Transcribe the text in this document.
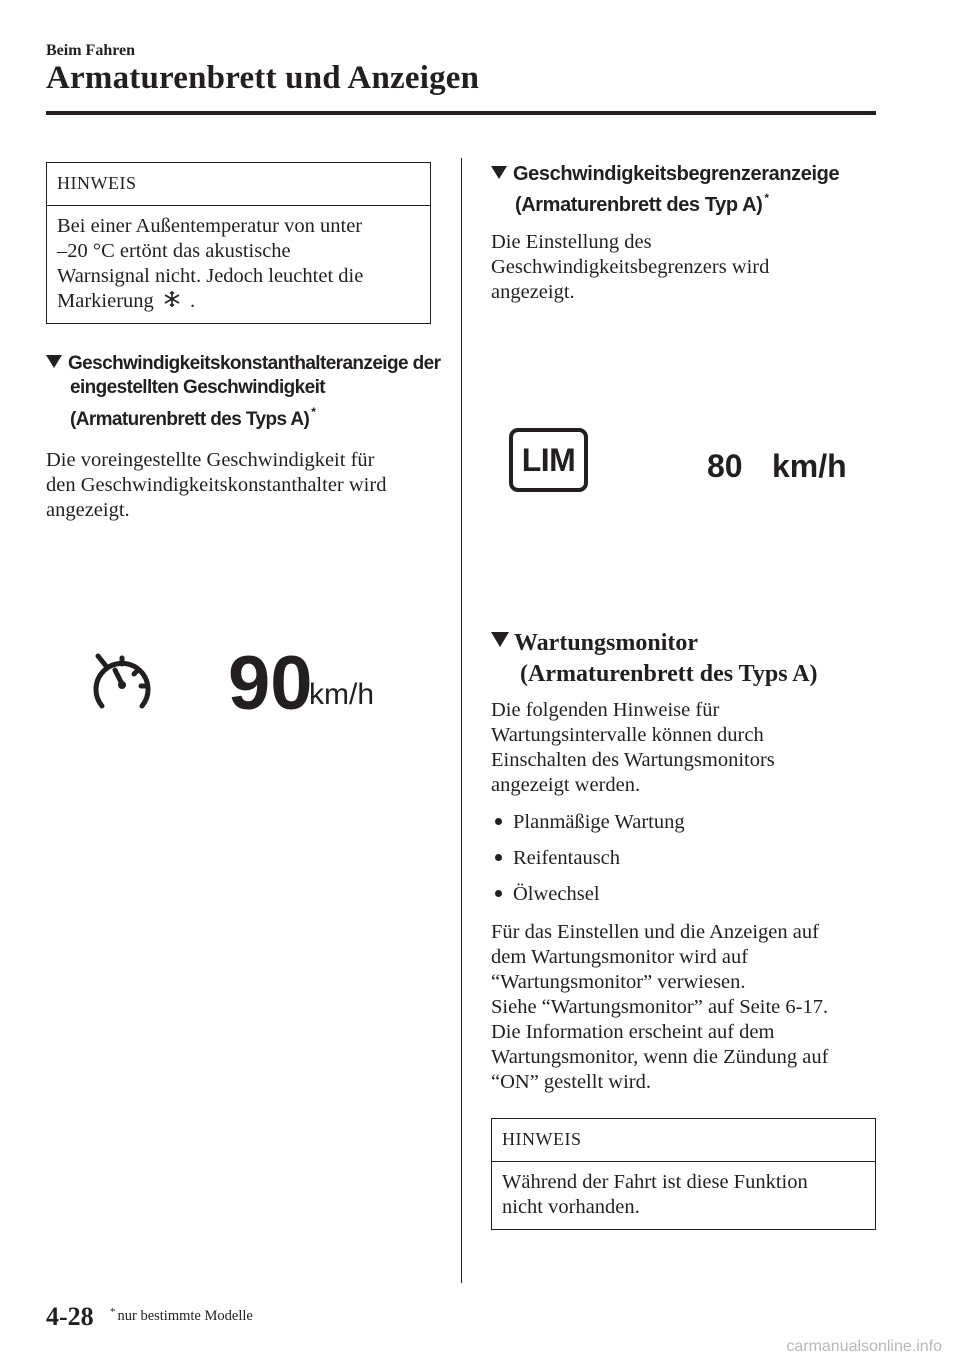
Beim Fahren
Armaturenbrett und Anzeigen
HINWEIS
Bei einer Außentemperatur von unter
–20 °C ertönt das akustische
Warnsignal nicht. Jedoch leuchtet die
Markierung .
Geschwindigkeitskonstanthalteranzeige der
eingestellten Geschwindigkeit
(Armaturenbrett des Typs A) *
Die voreingestellte Geschwindigkeit für
den Geschwindigkeitskonstanthalter wird
angezeigt.
90
km/h
Geschwindigkeitsbegrenzeranzeige
(Armaturenbrett des Typ A) *
Die Einstellung des
Geschwindigkeitsbegrenzers wird
angezeigt.
LIM	80 km/h
Wartungsmonitor
(Armaturenbrett des Typs A)
Die folgenden Hinweise für
Wartungsintervalle können durch
Einschalten des Wartungsmonitors
angezeigt werden.
Planmäßige Wartung
Reifentausch
Ölwechsel
Für das Einstellen und die Anzeigen auf
dem Wartungsmonitor wird auf
“Wartungsmonitor” verwiesen.
Siehe “Wartungsmonitor” auf Seite 6-17.
Die Information erscheint auf dem
Wartungsmonitor, wenn die Zündung auf
“ON” gestellt wird.
HINWEIS
Während der Fahrt ist diese Funktion
nicht vorhanden.
4-28 * nur bestimmte Modelle
carmanualsonline.info
